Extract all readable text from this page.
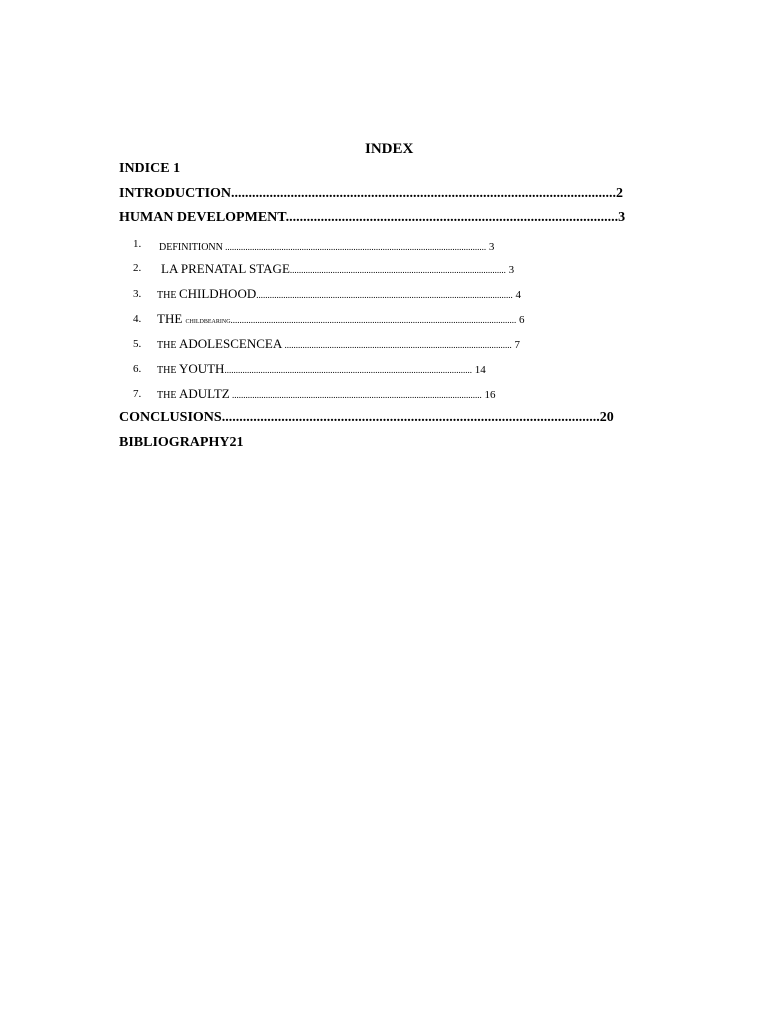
INDEX
INDICE 1
INTRODUCTION..............................................................................................................2
HUMAN DEVELOPMENT...............................................................................................3
1. DEFINITIONN .................................................................................................................... 3
2. LA PRENATAL STAGE................................................................................................ 3
3. THE CHILDHOOD.................................................................................................................. 4
4. THE childbearing............................................................................................................................... 6
5. THE ADOLESCENCEA ..................................................................................................... 7
6. THE YOUTH.............................................................................................................. 14
7. THE ADULTZ ............................................................................................................... 16
CONCLUSIONS............................................................................................................20
BIBLIOGRAPHY21
